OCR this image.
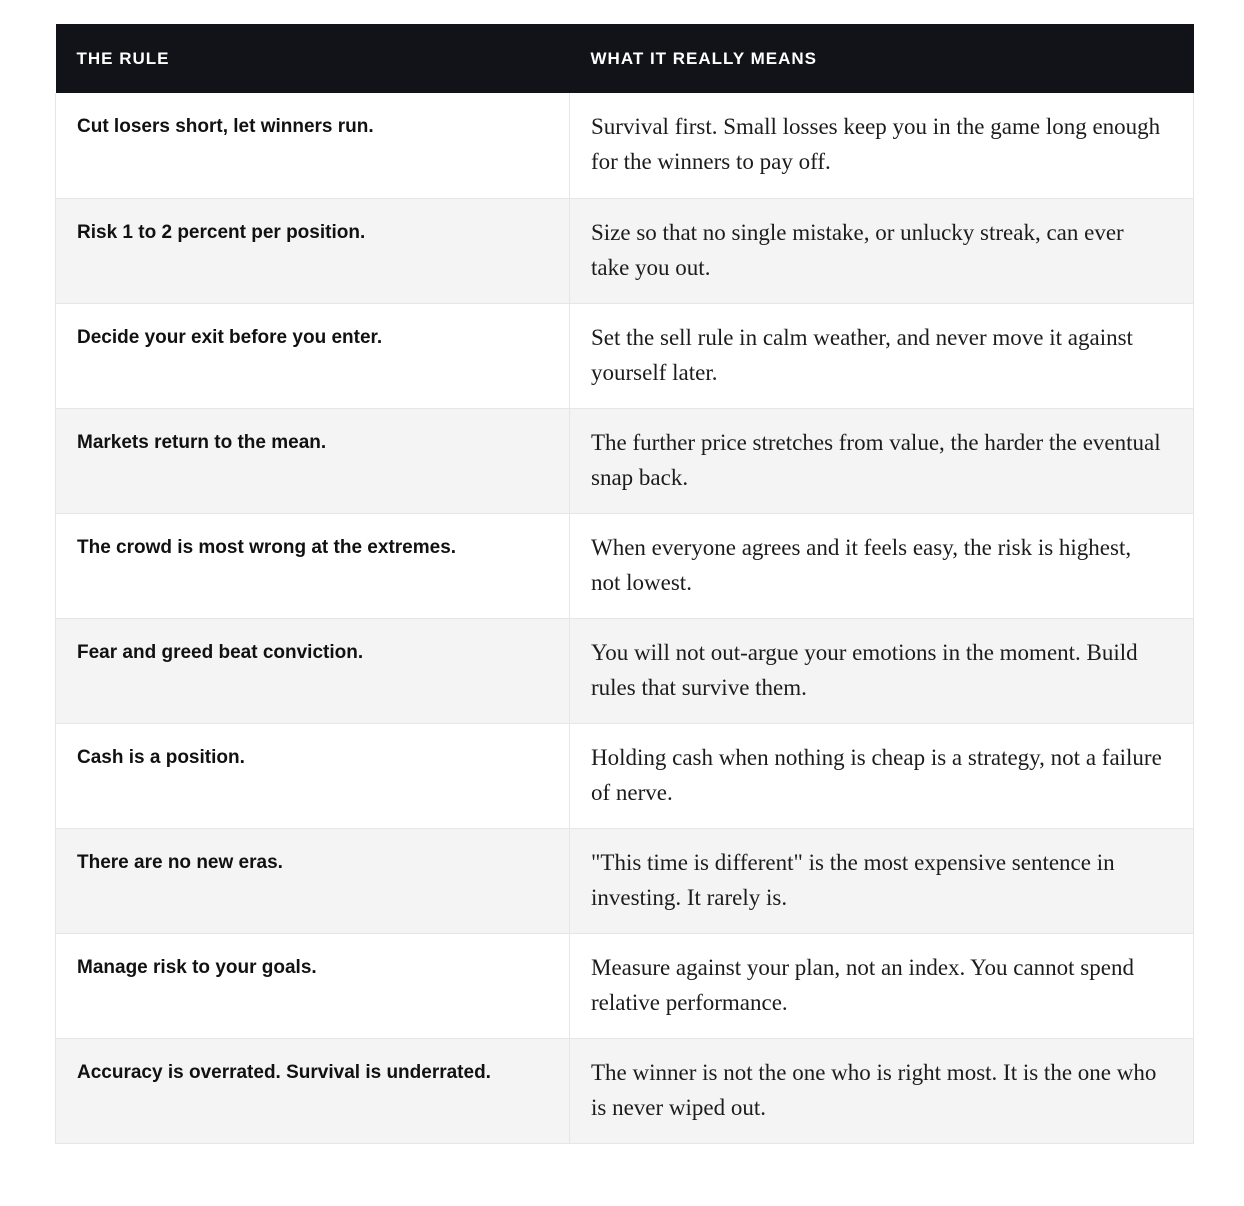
THE RULE	WHAT IT REALLY MEANS
Cut losers short, let winners run.	Survival first. Small losses keep you in the game long enough for the winners to pay off.
Risk 1 to 2 percent per position.	Size so that no single mistake, or unlucky streak, can ever take you out.
Decide your exit before you enter.	Set the sell rule in calm weather, and never move it against yourself later.
Markets return to the mean.	The further price stretches from value, the harder the eventual snap back.
The crowd is most wrong at the extremes.	When everyone agrees and it feels easy, the risk is highest, not lowest.
Fear and greed beat conviction.	You will not out-argue your emotions in the moment. Build rules that survive them.
Cash is a position.	Holding cash when nothing is cheap is a strategy, not a failure of nerve.
There are no new eras.	"This time is different" is the most expensive sentence in investing. It rarely is.
Manage risk to your goals.	Measure against your plan, not an index. You cannot spend relative performance.
Accuracy is overrated. Survival is underrated.	The winner is not the one who is right most. It is the one who is never wiped out.
